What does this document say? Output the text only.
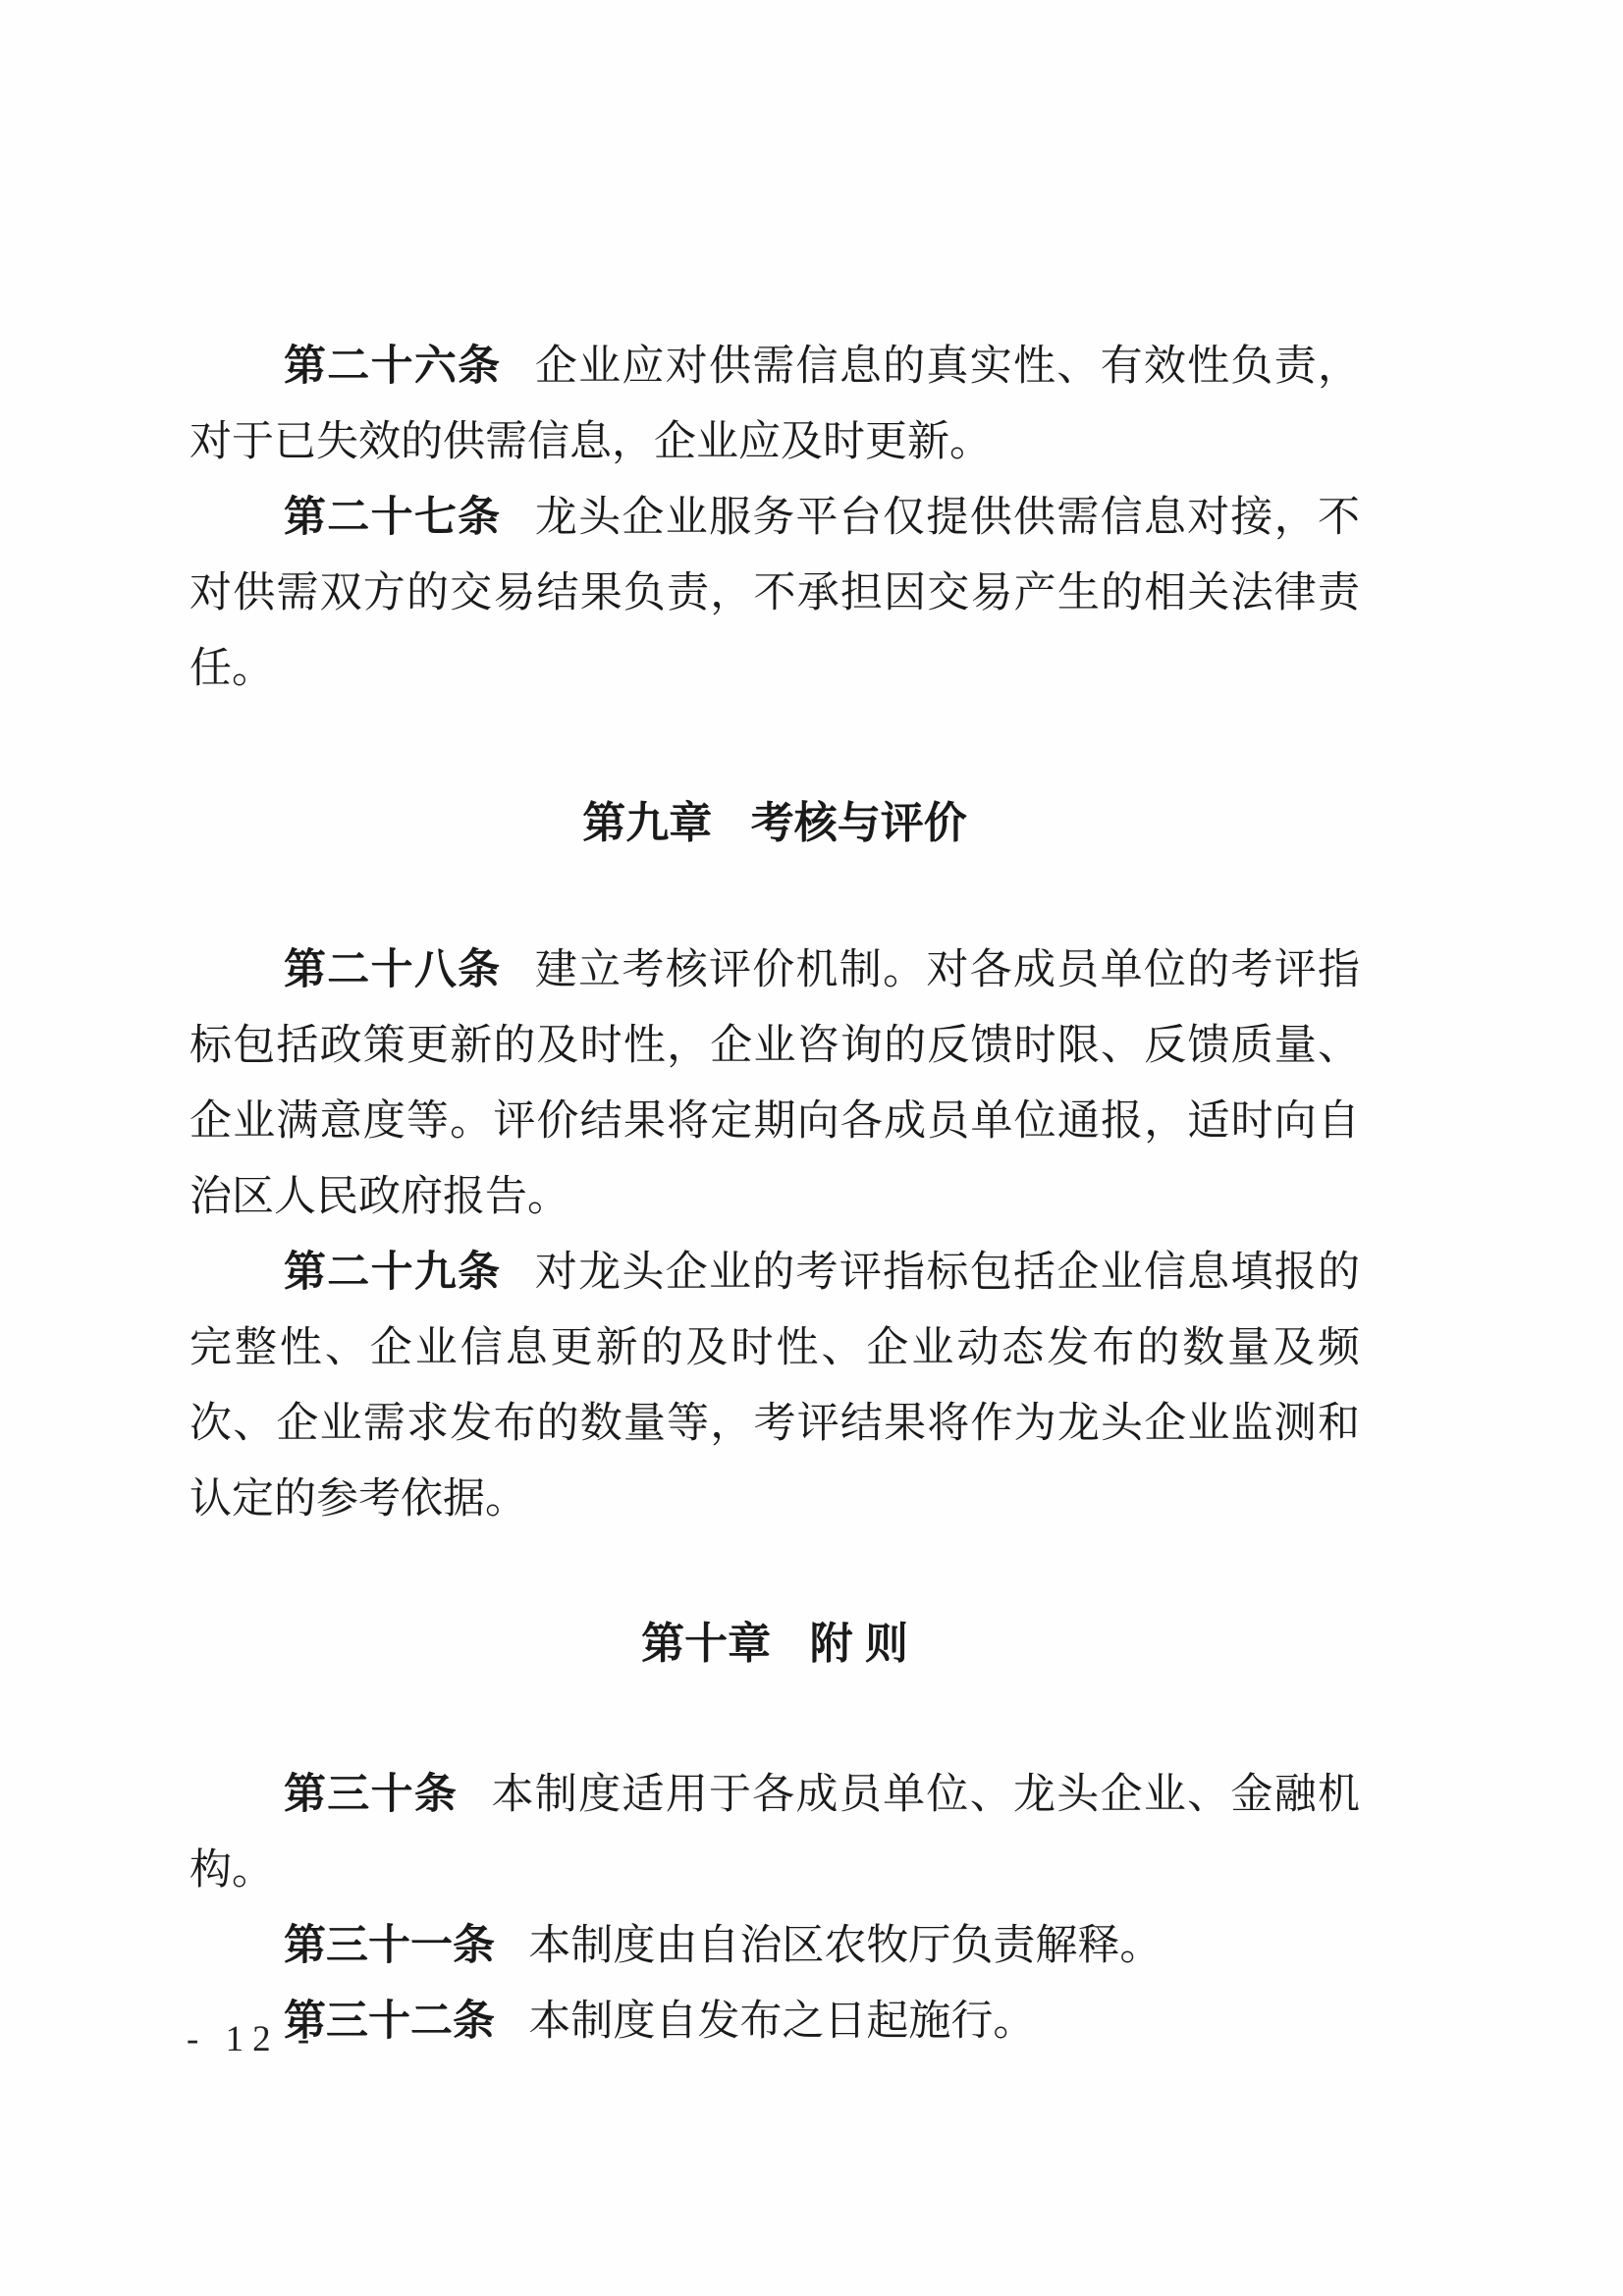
第二十六条 企业应对供需信息的真实性、有效性负责，对于已失效的供需信息，企业应及时更新。

第二十七条 龙头企业服务平台仅提供供需信息对接，不对供需双方的交易结果负责，不承担因交易产生的相关法律责任。

第九章 考核与评价

第二十八条 建立考核评价机制。对各成员单位的考评指标包括政策更新的及时性，企业咨询的反馈时限、反馈质量、企业满意度等。评价结果将定期向各成员单位通报，适时向自治区人民政府报告。

第二十九条 对龙头企业的考评指标包括企业信息填报的完整性、企业信息更新的及时性、企业动态发布的数量及频次、企业需求发布的数量等，考评结果将作为龙头企业监测和认定的参考依据。

第十章 附 则

第三十条 本制度适用于各成员单位、龙头企业、金融机构。

第三十一条 本制度由自治区农牧厅负责解释。

第三十二条 本制度自发布之日起施行。

- 12 -
